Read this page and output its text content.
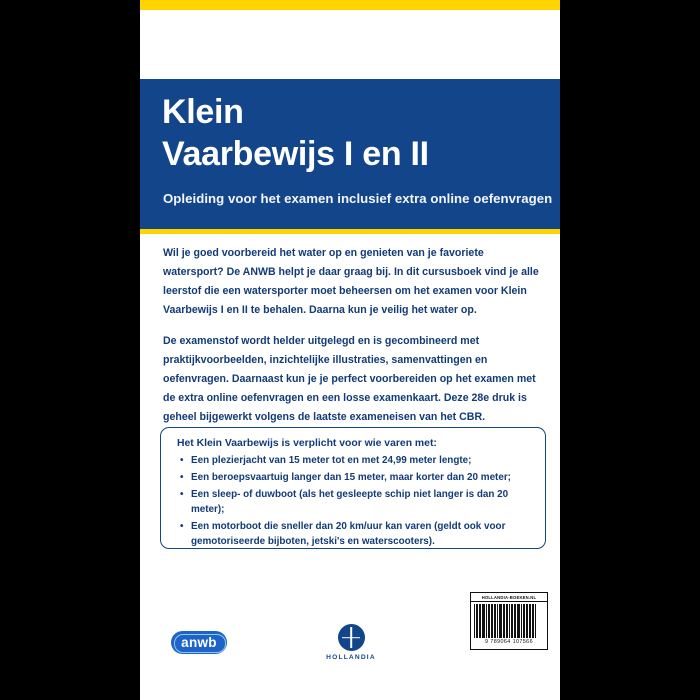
Klein
Vaarbewijs I en II
Opleiding voor het examen inclusief extra online oefenvragen

Wil je goed voorbereid het water op en genieten van je favoriete watersport? De ANWB helpt je daar graag bij. In dit cursusboek vind je alle leerstof die een watersporter moet beheersen om het examen voor Klein Vaarbewijs I en II te behalen. Daarna kun je veilig het water op.

De examenstof wordt helder uitgelegd en is gecombineerd met praktijkvoorbeelden, inzichtelijke illustraties, samenvattingen en oefenvragen. Daarnaast kun je je perfect voorbereiden op het examen met de extra online oefenvragen en een losse examenkaart. Deze 28e druk is geheel bijgewerkt volgens de laatste exameneisen van het CBR.

Het Klein Vaarbewijs is verplicht voor wie varen met:
• Een plezierjacht van 15 meter tot en met 24,99 meter lengte;
• Een beroepsvaartuig langer dan 15 meter, maar korter dan 20 meter;
• Een sleep- of duwboot (als het gesleepte schip niet langer is dan 20 meter);
• Een motorboot die sneller dan 20 km/uur kan varen (geldt ook voor gemotoriseerde bijboten, jetski's en waterscooters).
HOLLANDIA-BOEKEN.NL
9 789064 107566
anwb
HOLLANDIA
